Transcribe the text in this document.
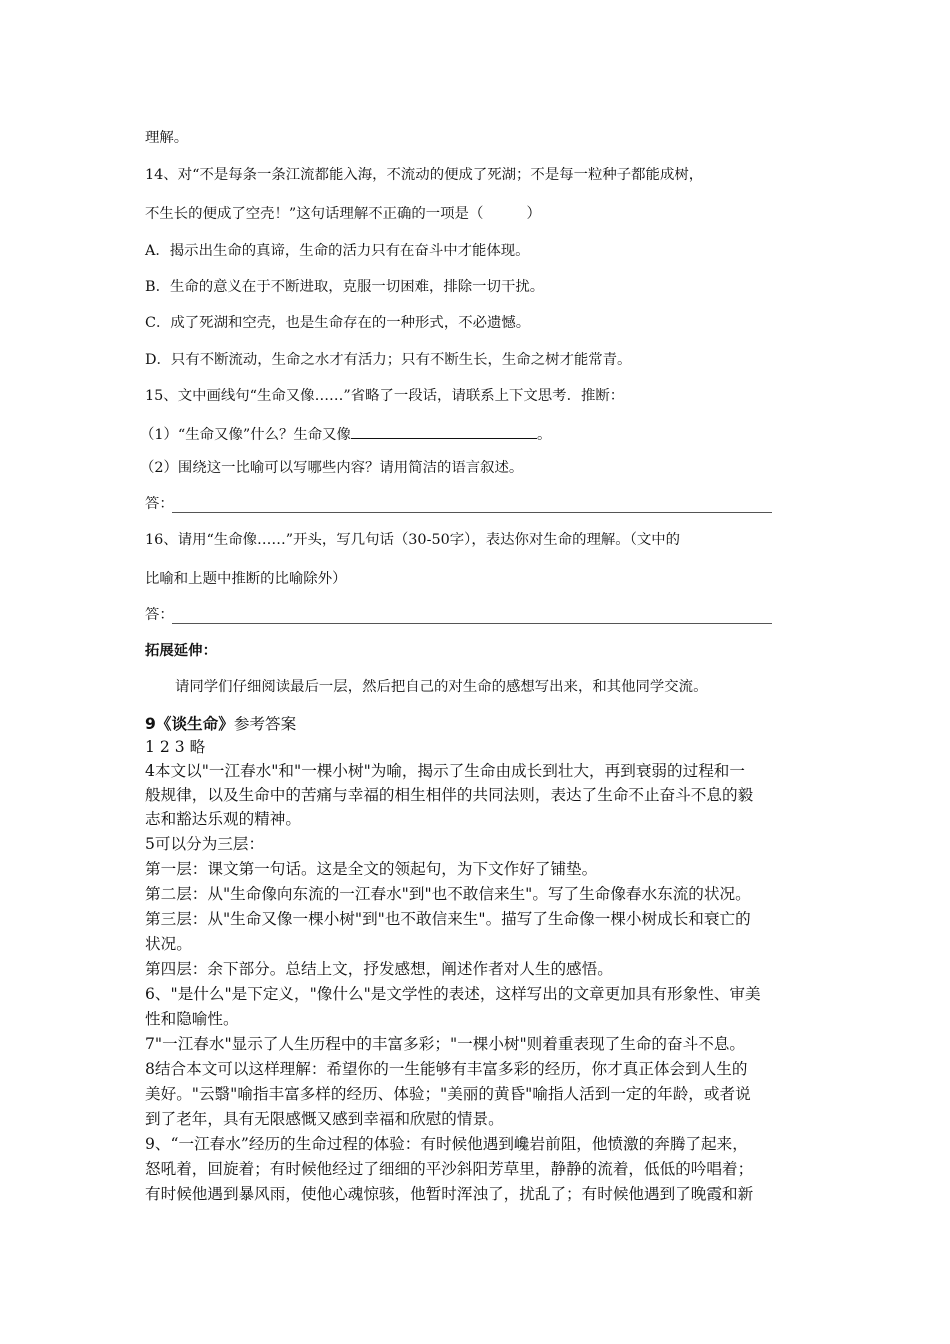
理解。
14、对“不是每条一条江流都能入海，不流动的便成了死湖；不是每一粒种子都能成树，
不生长的便成了空壳！”这句话理解不正确的一项是（　　　）
A．揭示出生命的真谛，生命的活力只有在奋斗中才能体现。
B．生命的意义在于不断进取，克服一切困难，排除一切干扰。
C．成了死湖和空壳，也是生命存在的一种形式，不必遗憾。
D．只有不断流动，生命之水才有活力；只有不断生长，生命之树才能常青。
15、文中画线句“生命又像……”省略了一段话，请联系上下文思考．推断：
（1）“生命又像”什么？生命又像	。
（2）围绕这一比喻可以写哪些内容？请用简洁的语言叙述。
答：
16、请用“生命像……”开头，写几句话（30-50字），表达你对生命的理解。（文中的
比喻和上题中推断的比喻除外）
答：
拓展延伸：
请同学们仔细阅读最后一层，然后把自己的对生命的感想写出来，和其他同学交流。
9《谈生命》参考答案
1 2 3 略
4本文以"一江春水"和"一棵小树"为喻，揭示了生命由成长到壮大，再到衰弱的过程和一
般规律，以及生命中的苦痛与幸福的相生相伴的共同法则，表达了生命不止奋斗不息的毅
志和豁达乐观的精神。
5可以分为三层：
第一层：课文第一句话。这是全文的领起句，为下文作好了铺垫。
第二层：从"生命像向东流的一江春水"到"也不敢信来生"。写了生命像春水东流的状况。
第三层：从"生命又像一棵小树"到"也不敢信来生"。描写了生命像一棵小树成长和衰亡的
状况。
第四层：余下部分。总结上文，抒发感想，阐述作者对人生的感悟。
6、"是什么"是下定义，"像什么"是文学性的表述，这样写出的文章更加具有形象性、审美
性和隐喻性。
7"一江春水"显示了人生历程中的丰富多彩；"一棵小树"则着重表现了生命的奋斗不息。
8结合本文可以这样理解：希望你的一生能够有丰富多彩的经历，你才真正体会到人生的
美好。"云翳"喻指丰富多样的经历、体验；"美丽的黄昏"喻指人活到一定的年龄，或者说
到了老年，具有无限感慨又感到幸福和欣慰的情景。
9、“一江春水”经历的生命过程的体验：有时候他遇到巉岩前阻，他愤激的奔腾了起来，
怒吼着，回旋着；有时候他经过了细细的平沙斜阳芳草里，静静的流着，低低的吟唱着；
有时候他遇到暴风雨，使他心魂惊骇，他暂时浑浊了，扰乱了；有时候他遇到了晚霞和新
